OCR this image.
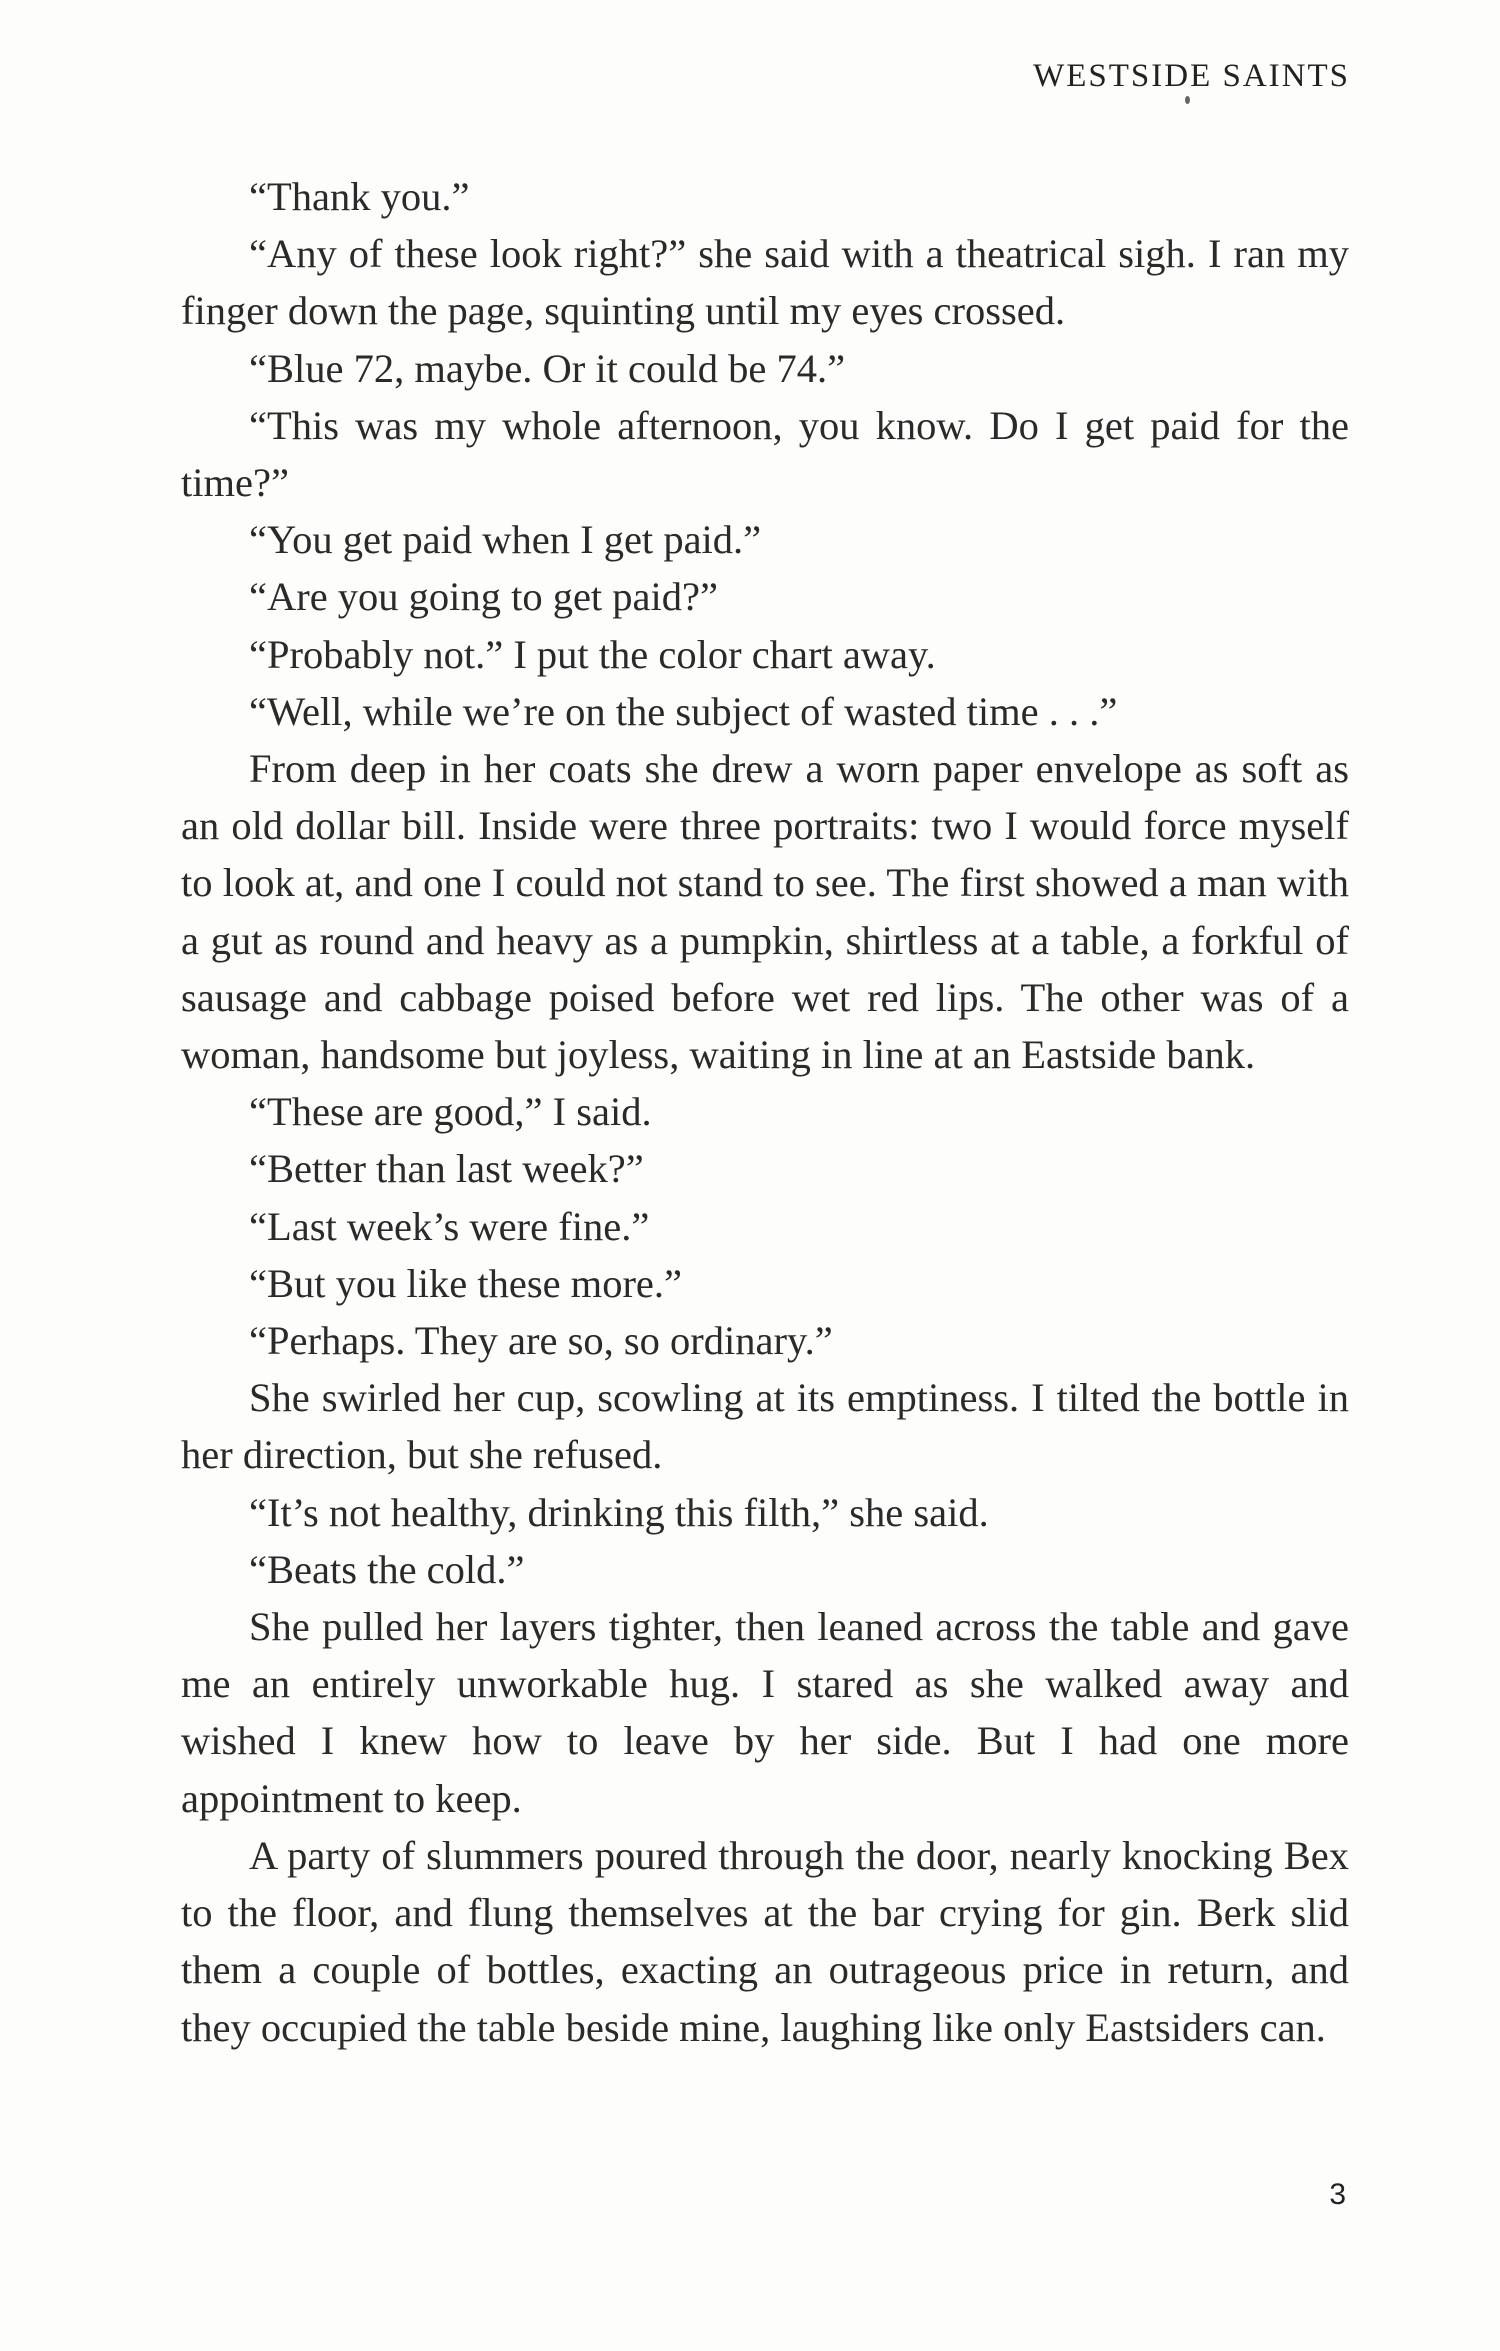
WESTSIDE SAINTS

“Thank you.”

“Any of these look right?” she said with a theatrical sigh. I ran my finger down the page, squinting until my eyes crossed.

“Blue 72, maybe. Or it could be 74.”

“This was my whole afternoon, you know. Do I get paid for the time?”

“You get paid when I get paid.”

“Are you going to get paid?”

“Probably not.” I put the color chart away.

“Well, while we’re on the subject of wasted time . . .”

From deep in her coats she drew a worn paper envelope as soft as an old dollar bill. Inside were three portraits: two I would force myself to look at, and one I could not stand to see. The first showed a man with a gut as round and heavy as a pumpkin, shirtless at a table, a forkful of sausage and cabbage poised before wet red lips. The other was of a woman, handsome but joyless, waiting in line at an Eastside bank.

“These are good,” I said.

“Better than last week?”

“Last week’s were fine.”

“But you like these more.”

“Perhaps. They are so, so ordinary.”

She swirled her cup, scowling at its emptiness. I tilted the bottle in her direction, but she refused.

“It’s not healthy, drinking this filth,” she said.

“Beats the cold.”

She pulled her layers tighter, then leaned across the table and gave me an entirely unworkable hug. I stared as she walked away and wished I knew how to leave by her side. But I had one more appointment to keep.

A party of slummers poured through the door, nearly knocking Bex to the floor, and flung themselves at the bar crying for gin. Berk slid them a couple of bottles, exacting an outrageous price in return, and they occupied the table beside mine, laughing like only Eastsiders can.

3
